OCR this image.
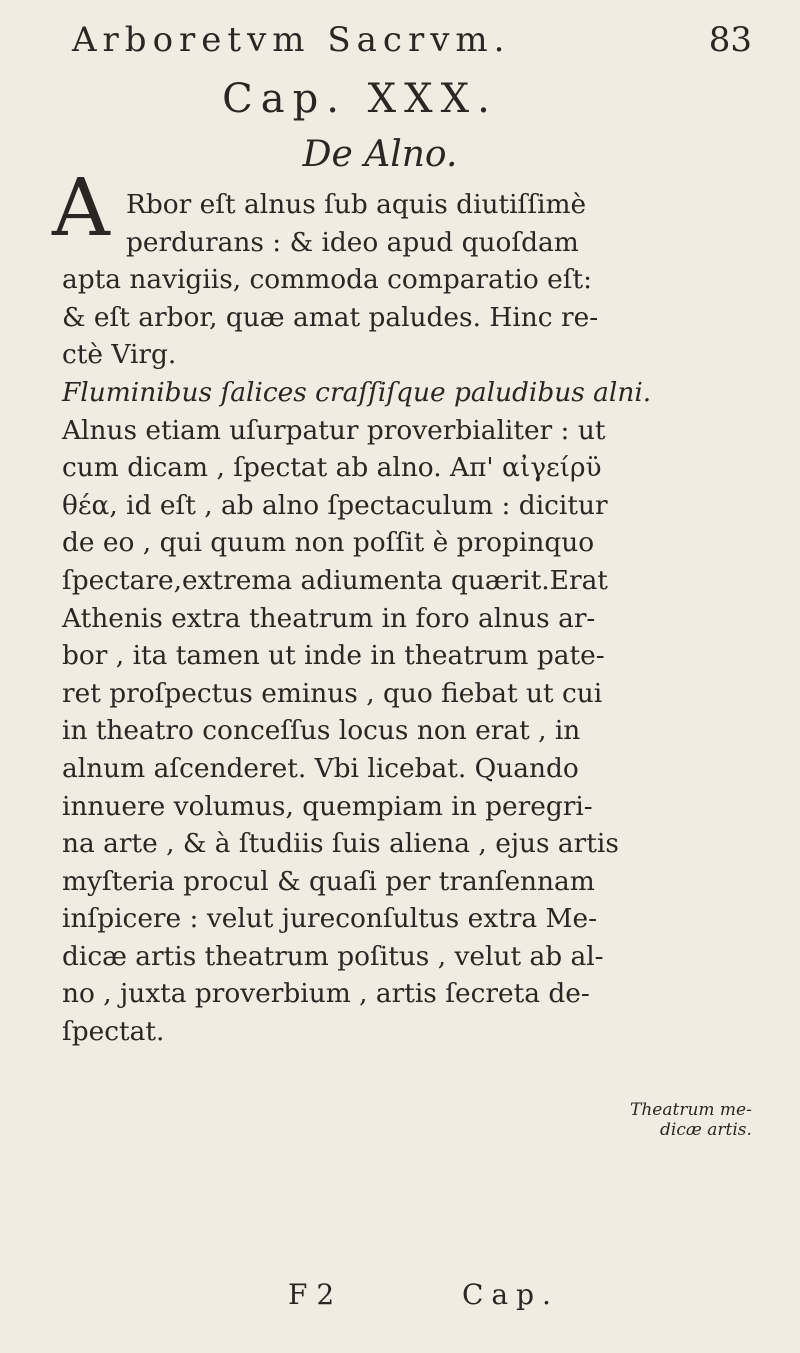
Arboretvm Sacrvm.	83
Cap. XXX.
De Alno.
A Rbor eſt alnus ſub aquis diutiſſimè
perdurans : & ideo apud quoſdam
apta navigiis, commoda comparatio eſt:
& eſt arbor, quæ amat paludes. Hinc re-
ctè Virg.
Fluminibus ſalices craſſiſque paludibus alni.
Alnus etiam uſurpatur proverbialiter : ut
cum dicam , ſpectat ab alno. Απ' αἰγείρϋ
θέα, id eſt , ab alno ſpectaculum : dicitur
de eo , qui quum non poſſit è propinquo
ſpectare,extrema adiumenta quærit.Erat
Athenis extra theatrum in foro alnus ar-
bor , ita tamen ut inde in theatrum pate-
ret proſpectus eminus , quo fiebat ut cui
in theatro conceſſus locus non erat , in
alnum aſcenderet. Vbi licebat. Quando
innuere volumus, quempiam in peregri-
na arte , & à ſtudiis ſuis aliena , ejus artis
myſteria procul & quaſi per tranſennam
inſpicere : velut jureconſultus extra Me-
dicæ artis theatrum poſitus , velut ab al-
no , juxta proverbium , artis ſecreta de-
ſpectat.
Theatrum me-
dicæ artis.
F 2	Cap.
